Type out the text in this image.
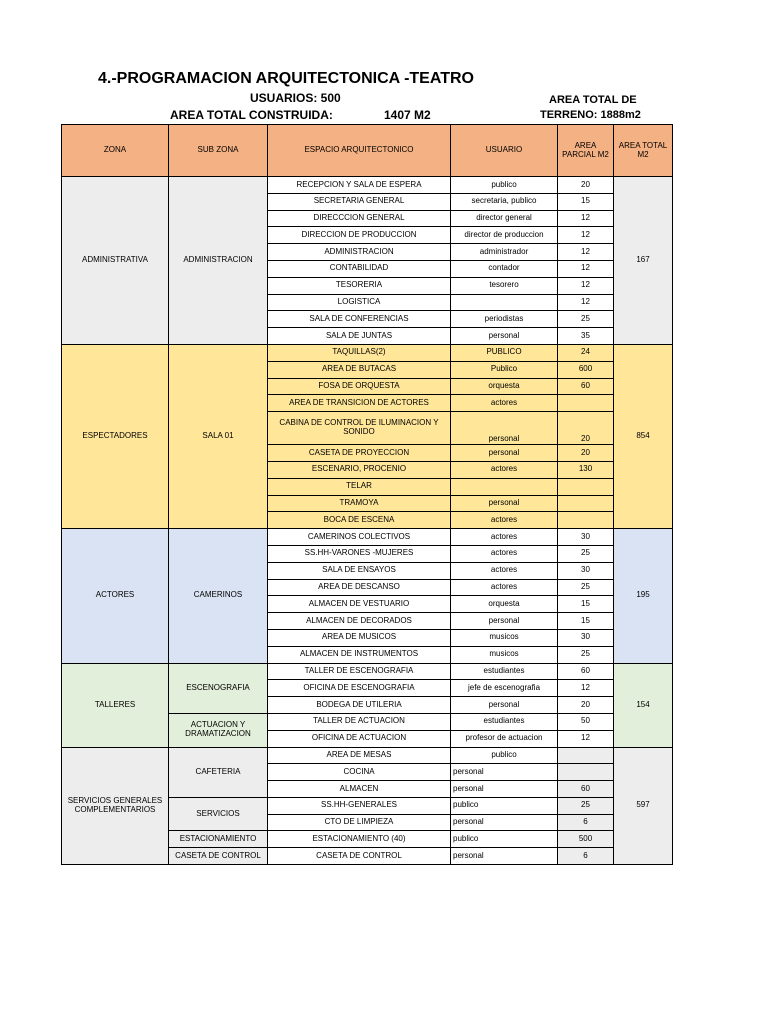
4.-PROGRAMACION ARQUITECTONICA -TEATRO
USUARIOS: 500
AREA TOTAL CONSTRUIDA:	1407 M2
AREA TOTAL DE
TERRENO: 1888m2
ZONA	SUB ZONA	ESPACIO ARQUITECTONICO	USUARIO	AREA PARCIAL M2	AREA TOTAL M2
ADMINISTRATIVA	ADMINISTRACION	RECEPCION Y SALA DE ESPERA	publico	20	167
		SECRETARIA GENERAL	secretaria, publico	15	
		DIRECCCION GENERAL	director general	12	
		DIRECCION DE PRODUCCION	director de produccion	12	
		ADMINISTRACION	administrador	12	
		CONTABILIDAD	contador	12	
		TESORERIA	tesorero	12	
		LOGISTICA		12	
		SALA DE CONFERENCIAS	periodistas	25	
		SALA DE JUNTAS	personal	35	
ESPECTADORES	SALA 01	TAQUILLAS(2)	PUBLICO	24	854
		AREA DE BUTACAS	Publico	600	
		FOSA DE ORQUESTA	orquesta	60	
		AREA DE TRANSICION DE ACTORES	actores		
		CABINA DE CONTROL DE ILUMINACION Y SONIDO	personal	20	
		CASETA DE PROYECCION	personal	20	
		ESCENARIO, PROCENIO	actores	130	
		TELAR			
		TRAMOYA	personal		
		BOCA DE ESCENA	actores		
ACTORES	CAMERINOS	CAMERINOS COLECTIVOS	actores	30	195
		SS.HH-VARONES -MUJERES	actores	25	
		SALA DE ENSAYOS	actores	30	
		AREA DE DESCANSO	actores	25	
		ALMACEN DE VESTUARIO	orquesta	15	
		ALMACEN DE DECORADOS	personal	15	
		AREA DE MUSICOS	musicos	30	
		ALMACEN DE INSTRUMENTOS	musicos	25	
TALLERES	ESCENOGRAFIA	TALLER DE ESCENOGRAFIA	estudiantes	60	154
		OFICINA DE ESCENOGRAFIA	jefe de escenografia	12	
		BODEGA DE UTILERIA	personal	20	
	ACTUACION Y DRAMATIZACION	TALLER DE ACTUACION	estudiantes	50	
		OFICINA DE ACTUACION	profesor de actuacion	12	
SERVICIOS GENERALES COMPLEMENTARIOS	CAFETERIA	AREA DE MESAS	publico		597
		COCINA	personal		
		ALMACEN	personal	60	
	SERVICIOS	SS.HH-GENERALES	publico	25	
		CTO DE LIMPIEZA	personal	6	
	ESTACIONAMIENTO	ESTACIONAMIENTO (40)	publico	500	
	CASETA DE CONTROL	CASETA DE CONTROL	personal	6	
